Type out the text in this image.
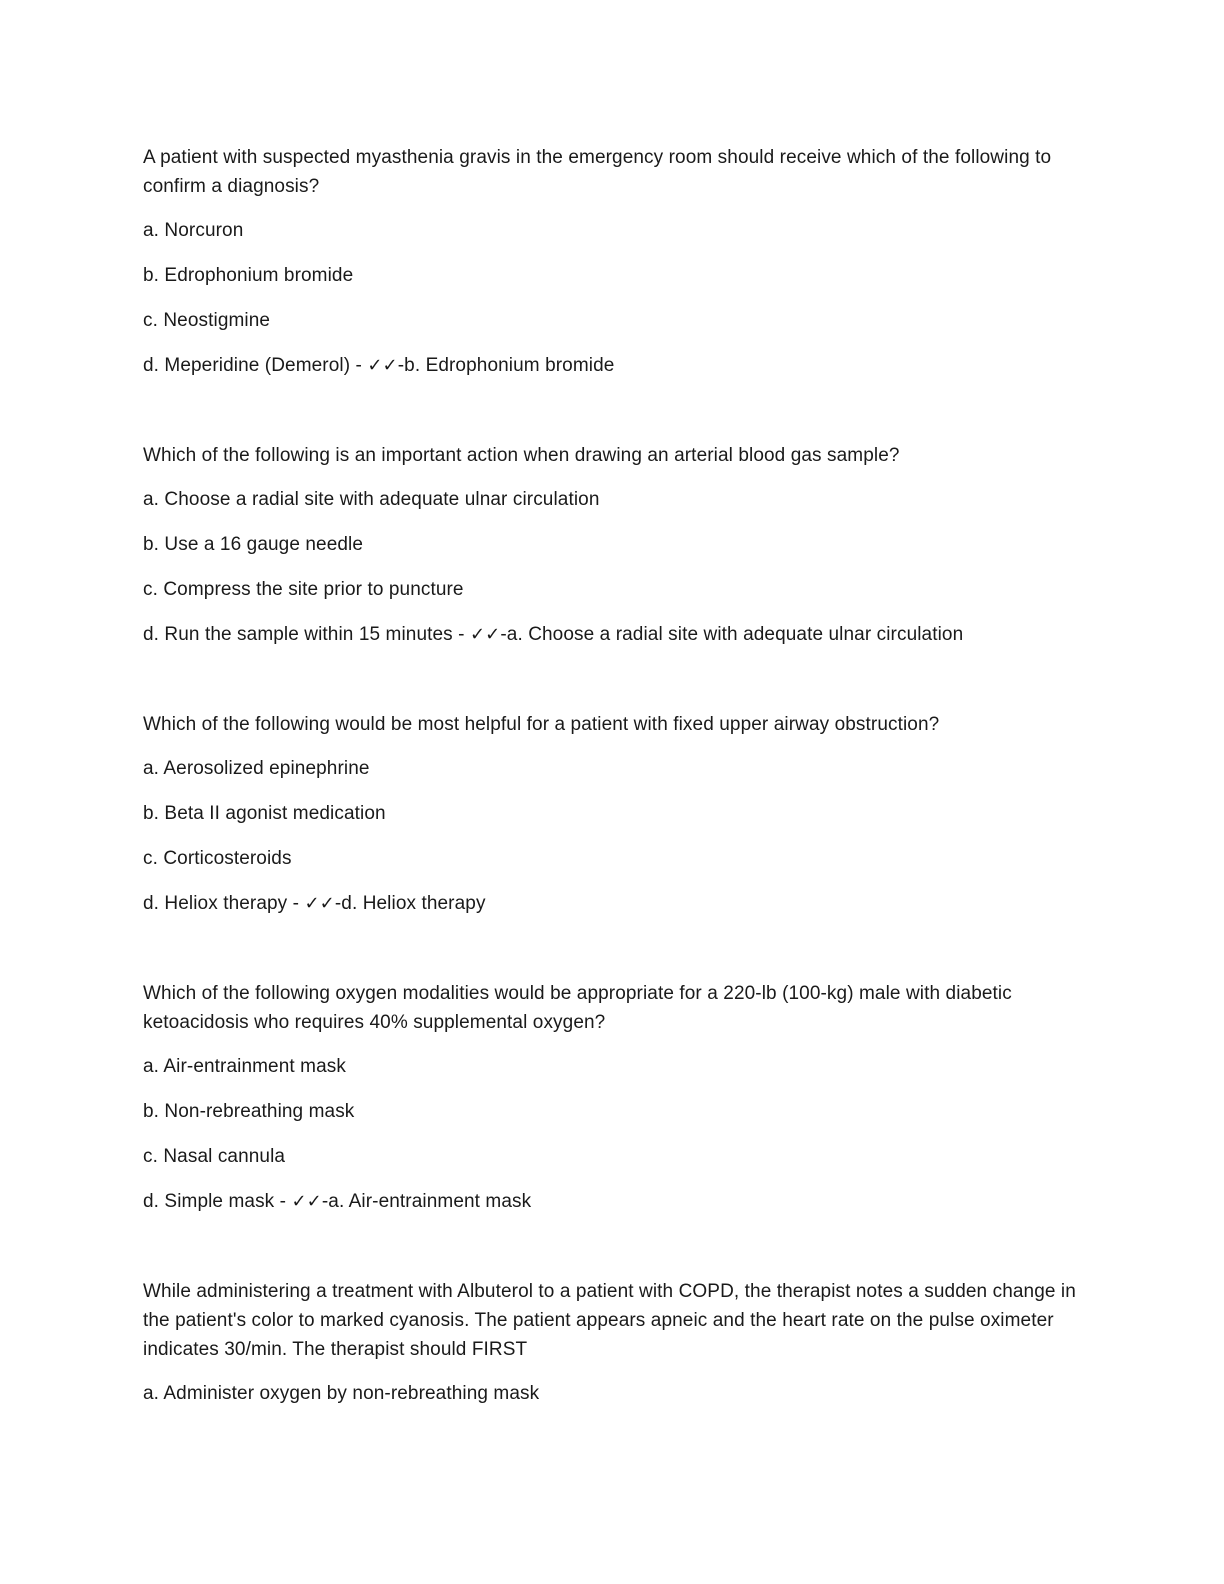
A patient with suspected myasthenia gravis in the emergency room should receive which of the following to confirm a diagnosis?

a. Norcuron

b. Edrophonium bromide

c. Neostigmine

d. Meperidine (Demerol) - ✓✓-b. Edrophonium bromide

Which of the following is an important action when drawing an arterial blood gas sample?

a. Choose a radial site with adequate ulnar circulation

b. Use a 16 gauge needle

c. Compress the site prior to puncture

d. Run the sample within 15 minutes - ✓✓-a. Choose a radial site with adequate ulnar circulation

Which of the following would be most helpful for a patient with fixed upper airway obstruction?

a. Aerosolized epinephrine

b. Beta II agonist medication

c. Corticosteroids

d. Heliox therapy - ✓✓-d. Heliox therapy

Which of the following oxygen modalities would be appropriate for a 220-lb (100-kg) male with diabetic ketoacidosis who requires 40% supplemental oxygen?

a. Air-entrainment mask

b. Non-rebreathing mask

c. Nasal cannula

d. Simple mask - ✓✓-a. Air-entrainment mask

While administering a treatment with Albuterol to a patient with COPD, the therapist notes a sudden change in the patient's color to marked cyanosis. The patient appears apneic and the heart rate on the pulse oximeter indicates 30/min. The therapist should FIRST

a. Administer oxygen by non-rebreathing mask
